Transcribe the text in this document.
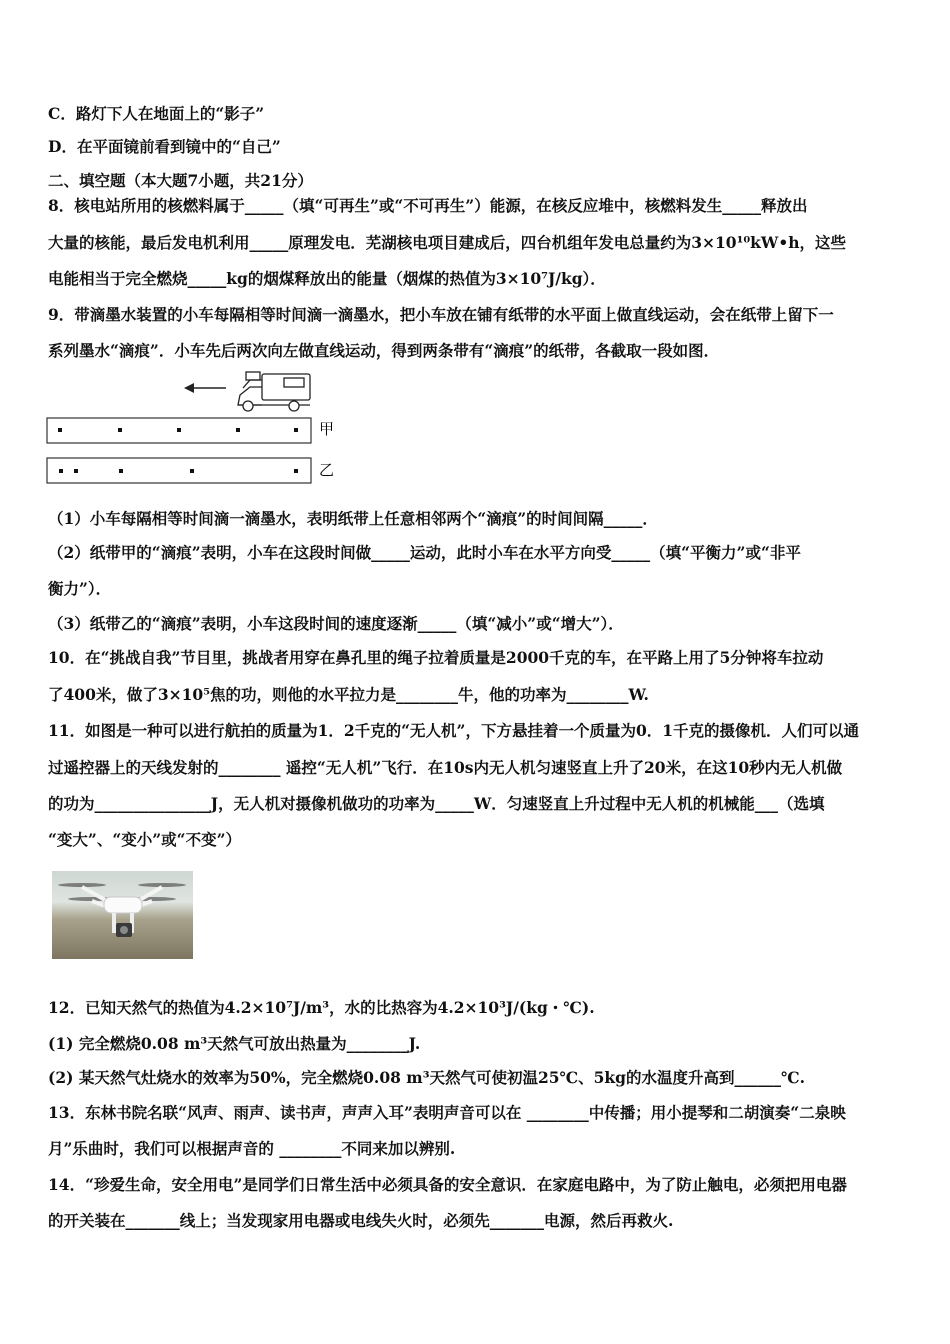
C．路灯下人在地面上的“影子”
D．在平面镜前看到镜中的“自己”
二、填空题（本大题7小题，共21分）
8．核电站所用的核燃料属于_____（填“可再生”或“不可再生”）能源，在核反应堆中，核燃料发生_____释放出
大量的核能，最后发电机利用_____原理发电．芜湖核电项目建成后，四台机组年发电总量约为3×10¹⁰kW•h，这些
电能相当于完全燃烧_____kg的烟煤释放出的能量（烟煤的热值为3×10⁷J/kg）．
9．带滴墨水装置的小车每隔相等时间滴一滴墨水，把小车放在铺有纸带的水平面上做直线运动，会在纸带上留下一
系列墨水“滴痕”．小车先后两次向左做直线运动，得到两条带有“滴痕”的纸带，各截取一段如图．
甲
乙
（1）小车每隔相等时间滴一滴墨水，表明纸带上任意相邻两个“滴痕”的时间间隔_____．
（2）纸带甲的“滴痕”表明，小车在这段时间做_____运动，此时小车在水平方向受_____（填“平衡力”或“非平
衡力”）．
（3）纸带乙的“滴痕”表明，小车这段时间的速度逐渐_____（填“减小”或“增大”）．
10．在“挑战自我”节目里，挑战者用穿在鼻孔里的绳子拉着质量是2000千克的车，在平路上用了5分钟将车拉动
了400米，做了3×10⁵焦的功，则他的水平拉力是________牛，他的功率为________W.
11．如图是一种可以进行航拍的质量为1．2千克的“无人机”，下方悬挂着一个质量为0．1千克的摄像机．人们可以通
过遥控器上的天线发射的________ 遥控“无人机”飞行．在10s内无人机匀速竖直上升了20米，在这10秒内无人机做
的功为_______________J，无人机对摄像机做功的功率为_____W．匀速竖直上升过程中无人机的机械能___（选填
“变大”、“变小”或“不变”）
12．已知天然气的热值为4.2×10⁷J/m³，水的比热容为4.2×10³J/(kg・℃).
(1) 完全燃烧0.08 m³天然气可放出热量为________J.
(2) 某天然气灶烧水的效率为50%，完全燃烧0.08 m³天然气可使初温25℃、5kg的水温度升高到______℃.
13．东林书院名联“风声、雨声、读书声，声声入耳”表明声音可以在 ________中传播；用小提琴和二胡演奏“二泉映
月”乐曲时，我们可以根据声音的 ________不同来加以辨别.
14．“珍爱生命，安全用电”是同学们日常生活中必须具备的安全意识．在家庭电路中，为了防止触电，必须把用电器
的开关装在_______线上；当发现家用电器或电线失火时，必须先_______电源，然后再救火.
